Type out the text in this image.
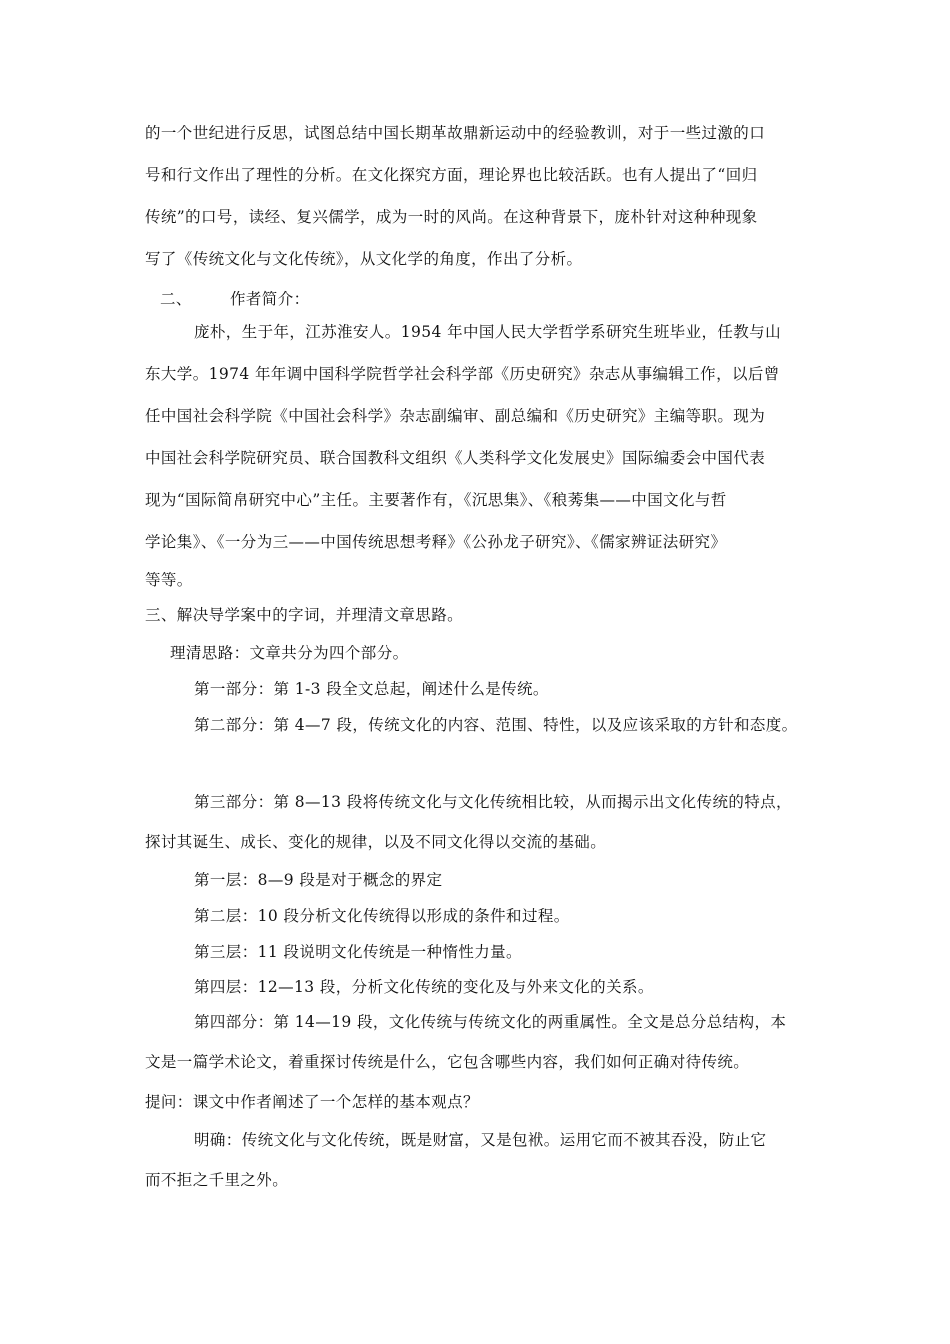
的一个世纪进行反思，试图总结中国长期革故鼎新运动中的经验教训，对于一些过激的口
号和行文作出了理性的分析。在文化探究方面，理论界也比较活跃。也有人提出了“回归
传统”的口号，读经、复兴儒学，成为一时的风尚。在这种背景下，庞朴针对这种种现象
写了《传统文化与文化传统》，从文化学的角度，作出了分析。
二、 作者简介：
庞朴，生于年，江苏淮安人。1954 年中国人民大学哲学系研究生班毕业，任教与山
东大学。1974 年年调中国科学院哲学社会科学部《历史研究》杂志从事编辑工作，以后曾
任中国社会科学院《中国社会科学》杂志副编审、副总编和《历史研究》主编等职。现为
中国社会科学院研究员、联合国教科文组织《人类科学文化发展史》国际编委会中国代表
现为“国际简帛研究中心”主任。主要著作有，《沉思集》、《稂莠集——中国文化与哲
学论集》、《一分为三——中国传统思想考释》《公孙龙子研究》、《儒家辨证法研究》
等等。
三、解决导学案中的字词，并理清文章思路。
理清思路：文章共分为四个部分。
第一部分：第 1-3 段全文总起，阐述什么是传统。
第二部分：第 4—7 段，传统文化的内容、范围、特性，以及应该采取的方针和态度。
第三部分：第 8—13 段将传统文化与文化传统相比较，从而揭示出文化传统的特点，
探讨其诞生、成长、变化的规律，以及不同文化得以交流的基础。
第一层：8—9 段是对于概念的界定
第二层：10 段分析文化传统得以形成的条件和过程。
第三层：11 段说明文化传统是一种惰性力量。
第四层：12—13 段，分析文化传统的变化及与外来文化的关系。
第四部分：第 14—19 段，文化传统与传统文化的两重属性。全文是总分总结构，本
文是一篇学术论文，着重探讨传统是什么，它包含哪些内容，我们如何正确对待传统。
提问：课文中作者阐述了一个怎样的基本观点？
明确：传统文化与文化传统，既是财富，又是包袱。运用它而不被其吞没，防止它
而不拒之千里之外。
